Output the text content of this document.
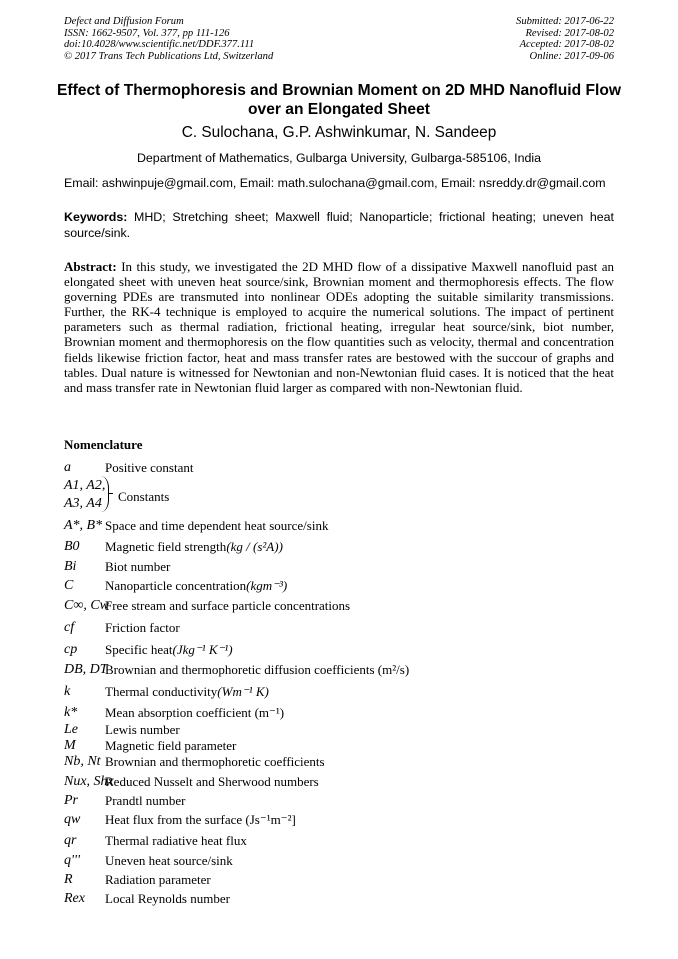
Defect and Diffusion Forum
ISSN: 1662-9507, Vol. 377, pp 111-126
doi:10.4028/www.scientific.net/DDF.377.111
© 2017 Trans Tech Publications Ltd, Switzerland
Submitted: 2017-06-22
Revised: 2017-08-02
Accepted: 2017-08-02
Online: 2017-09-06
Effect of Thermophoresis and Brownian Moment on 2D MHD Nanofluid Flow over an Elongated Sheet
C. Sulochana, G.P. Ashwinkumar, N. Sandeep
Department of Mathematics, Gulbarga University, Gulbarga-585106, India
Email: ashwinpuje@gmail.com, Email: math.sulochana@gmail.com, Email: nsreddy.dr@gmail.com
Keywords: MHD; Stretching sheet; Maxwell fluid; Nanoparticle; frictional heating; uneven heat source/sink.
Abstract: In this study, we investigated the 2D MHD flow of a dissipative Maxwell nanofluid past an elongated sheet with uneven heat source/sink, Brownian moment and thermophoresis effects. The flow governing PDEs are transmuted into nonlinear ODEs adopting the suitable similarity transmissions. Further, the RK-4 technique is employed to acquire the numerical solutions. The impact of pertinent parameters such as thermal radiation, frictional heating, irregular heat source/sink, biot number, Brownian moment and thermophoresis on the flow quantities such as velocity, thermal and concentration fields likewise friction factor, heat and mass transfer rates are bestowed with the succour of graphs and tables. Dual nature is witnessed for Newtonian and non-Newtonian fluid cases. It is noticed that the heat and mass transfer rate in Newtonian fluid larger as compared with non-Newtonian fluid.
Nomenclature
a	Positive constant
A1, A2,
A3, A4 Constants
A*, B* Space and time dependent heat source/sink
B0 Magnetic field strength(kg / (s²A))
Bi Biot number
C Nanoparticle concentration(kgm⁻³)
C∞, Cw
Free stream and surface particle concentrations
cf Friction factor
cp Specific heat(Jkg⁻¹ K⁻¹)
DB, DT
Brownian and thermophoretic diffusion coefficients (m²/s)
k	Thermal conductivity(Wm⁻¹ K)
k* Mean absorption coefficient (m⁻¹)
Le Lewis number
M Magnetic field parameter
Nb, Nt Brownian and thermophoretic coefficients
Nux, Shx
Reduced Nusselt and Sherwood numbers
Pr Prandtl number
qw Heat flux from the surface (Js⁻¹m⁻²]
qr Thermal radiative heat flux
q''' Uneven heat source/sink
R Radiation parameter
Rex Local Reynolds number
